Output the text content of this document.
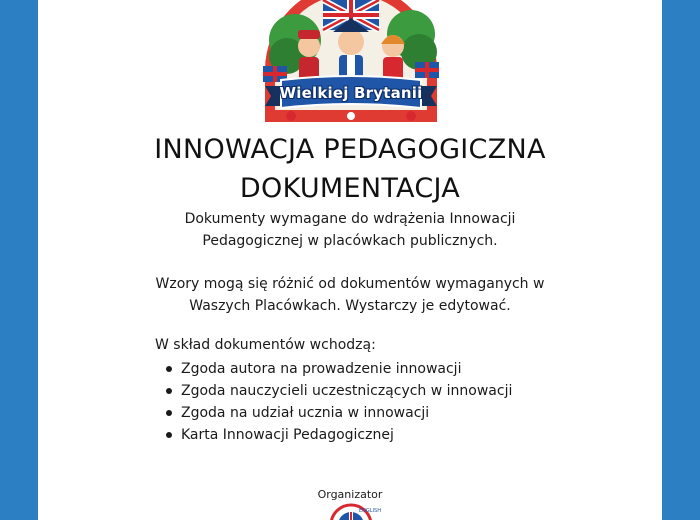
Wielkiej Brytanii
INNOWACJA PEDAGOGICZNA
DOKUMENTACJA
Dokumenty wymagane do wdrążenia Innowacji
Pedagogicznej w placówkach publicznych.
Wzory mogą się różnić od dokumentów wymaganych w
Waszych Placówkach. Wystarczy je edytować.
W skład dokumentów wchodzą:
Zgoda autora na prowadzenie innowacji
Zgoda nauczycieli uczestniczących w innowacji
Zgoda na udział ucznia w innowacji
Karta Innowacji Pedagogicznej
Organizator
ENGLISH
